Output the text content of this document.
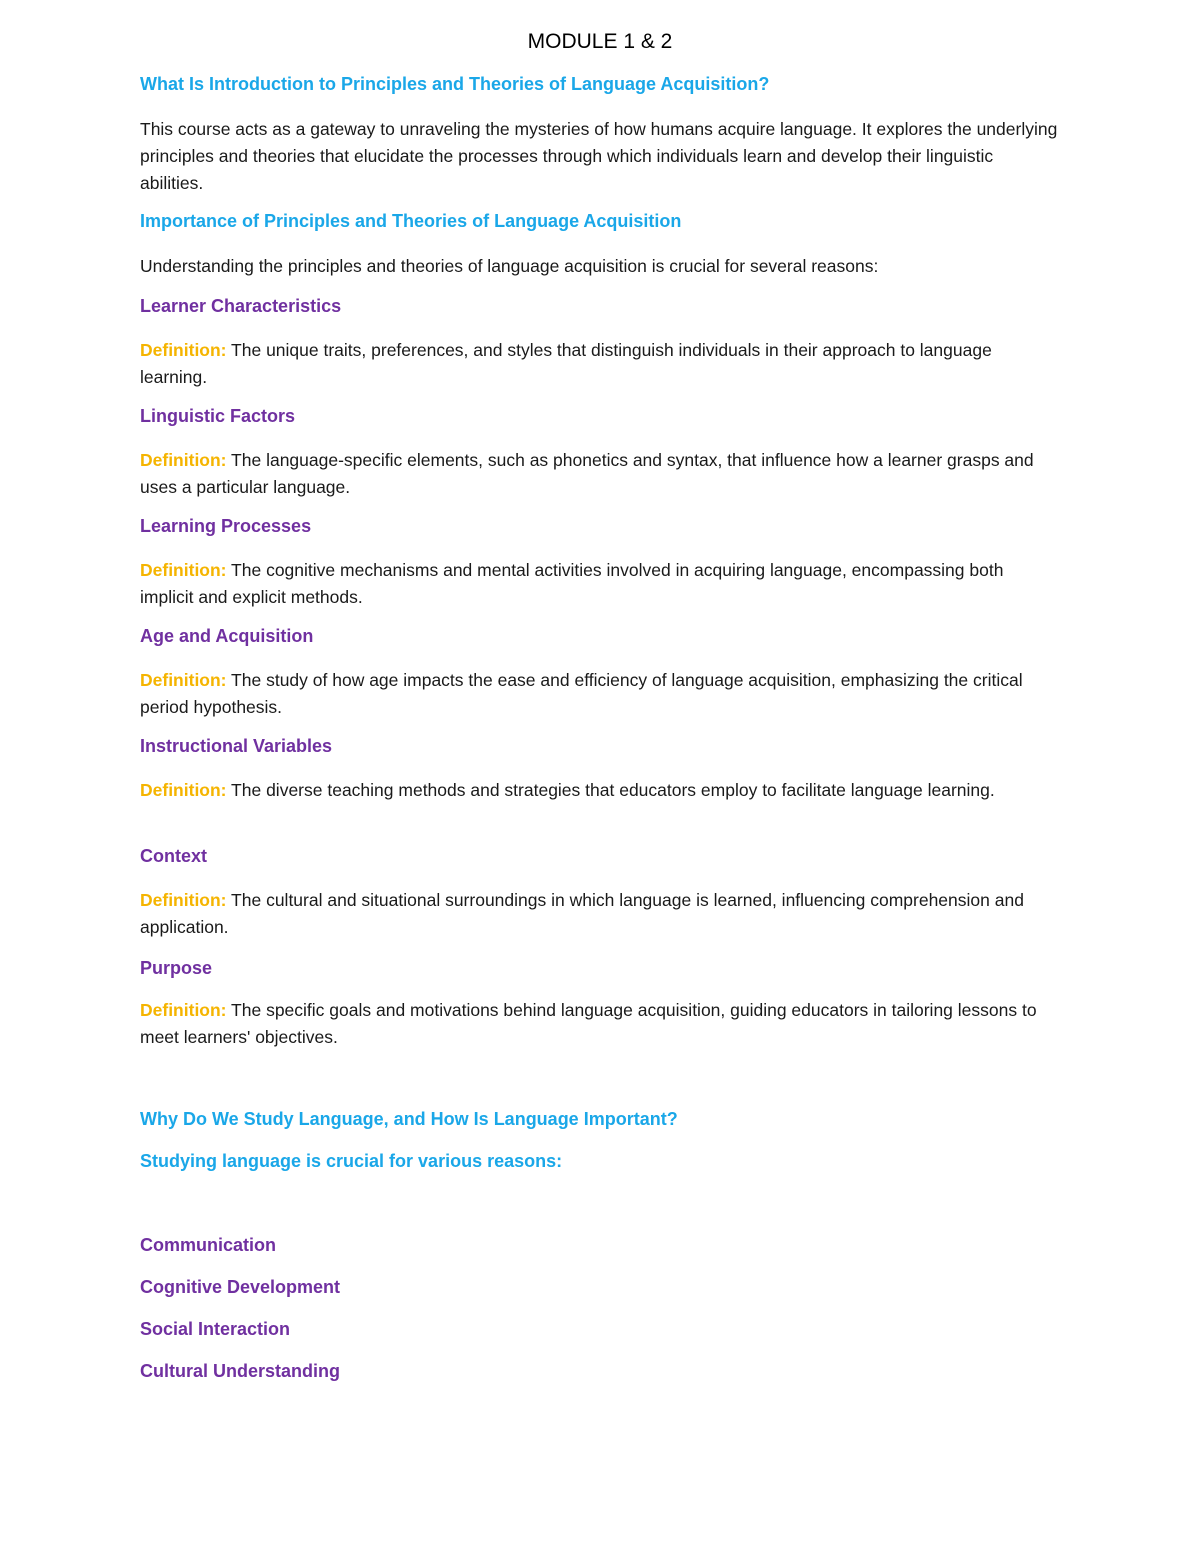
MODULE 1 & 2
What Is Introduction to Principles and Theories of Language Acquisition?
This course acts as a gateway to unraveling the mysteries of how humans acquire language. It explores the underlying principles and theories that elucidate the processes through which individuals learn and develop their linguistic abilities.
Importance of Principles and Theories of Language Acquisition
Understanding the principles and theories of language acquisition is crucial for several reasons:
Learner Characteristics
Definition: The unique traits, preferences, and styles that distinguish individuals in their approach to language learning.
Linguistic Factors
Definition: The language-specific elements, such as phonetics and syntax, that influence how a learner grasps and uses a particular language.
Learning Processes
Definition: The cognitive mechanisms and mental activities involved in acquiring language, encompassing both implicit and explicit methods.
Age and Acquisition
Definition: The study of how age impacts the ease and efficiency of language acquisition, emphasizing the critical period hypothesis.
Instructional Variables
Definition: The diverse teaching methods and strategies that educators employ to facilitate language learning.
Context
Definition: The cultural and situational surroundings in which language is learned, influencing comprehension and application.
Purpose
Definition: The specific goals and motivations behind language acquisition, guiding educators in tailoring lessons to meet learners' objectives.
Why Do We Study Language, and How Is Language Important?
Studying language is crucial for various reasons:
Communication
Cognitive Development
Social Interaction
Cultural Understanding
